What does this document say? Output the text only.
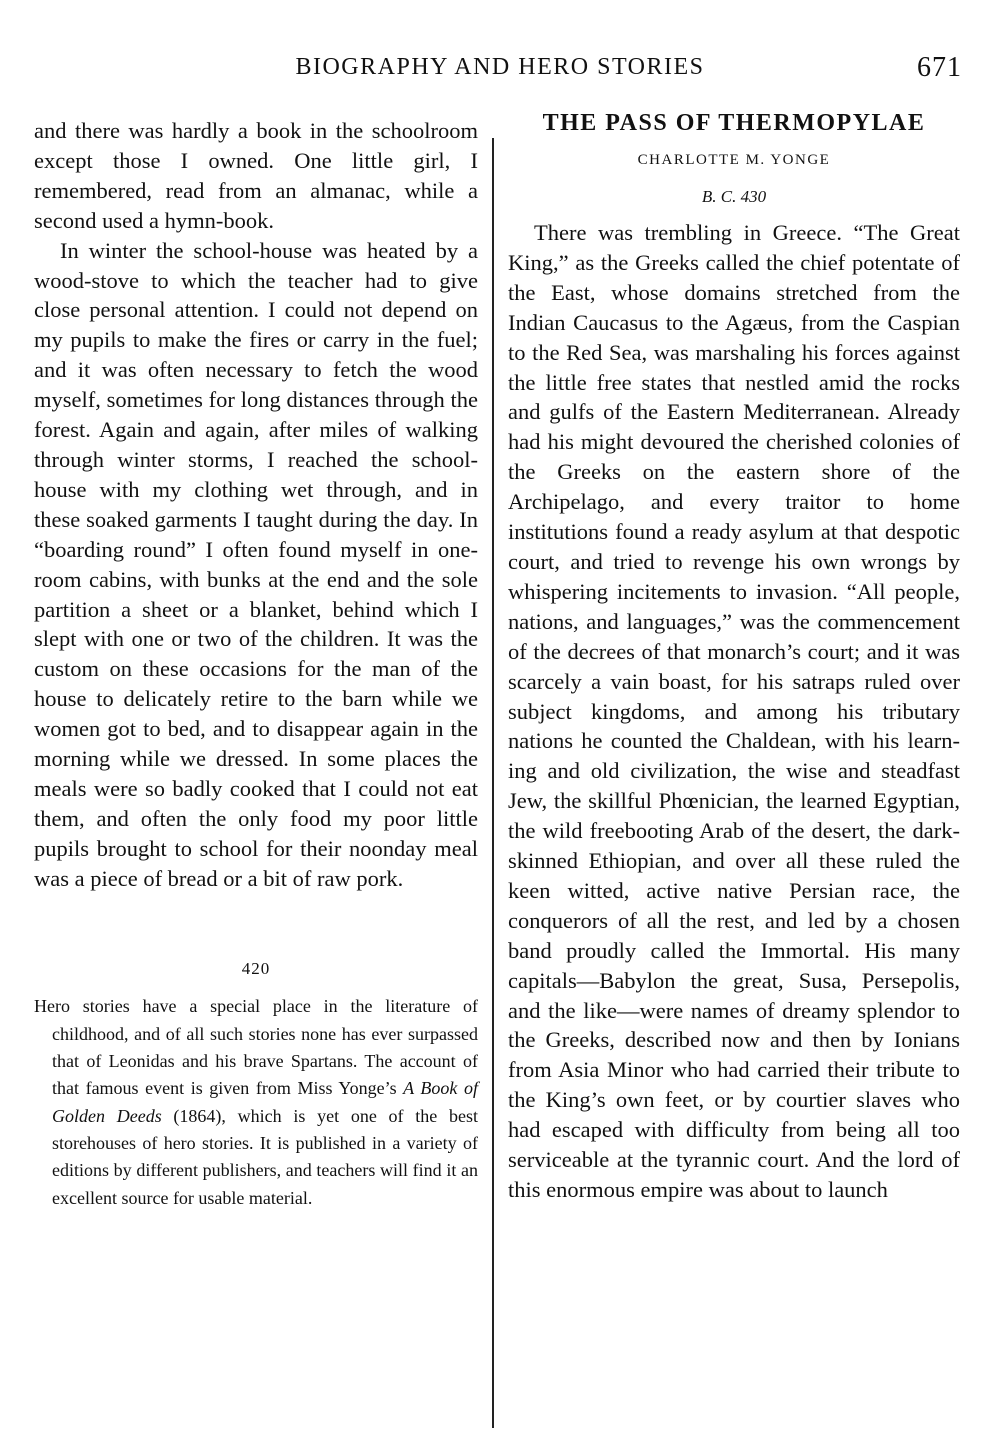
BIOGRAPHY AND HERO STORIES	671

and there was hardly a book in the schoolroom except those I owned. One little girl, I remembered, read from an almanac, while a second used a hymn-book.

In winter the school-house was heated by a wood-stove to which the teacher had to give close personal attention. I could not depend on my pupils to make the fires or carry in the fuel; and it was often necessary to fetch the wood myself, sometimes for long distances through the forest. Again and again, after miles of walking through winter storms, I reached the school-house with my clothing wet through, and in these soaked garments I taught during the day. In “boarding round” I often found myself in one-room cabins, with bunks at the end and the sole partition a sheet or a blanket, behind which I slept with one or two of the children. It was the custom on these occasions for the man of the house to delicately retire to the barn while we women got to bed, and to disappear again in the morning while we dressed. In some places the meals were so badly cooked that I could not eat them, and often the only food my poor little pupils brought to school for their noonday meal was a piece of bread or a bit of raw pork.

420

Hero stories have a special place in the literature of childhood, and of all such stories none has ever surpassed that of Leonidas and his brave Spartans. The account of that famous event is given from Miss Yonge’s A Book of Golden Deeds (1864), which is yet one of the best storehouses of hero stories. It is published in a variety of editions by different publishers, and teachers will find it an excellent source for usable material.

THE PASS OF THERMOPYLAE
CHARLOTTE M. YONGE
B. C. 430

There was trembling in Greece. “The Great King,” as the Greeks called the chief potentate of the East, whose domains stretched from the Indian Caucasus to the Agæus, from the Caspian to the Red Sea, was marshaling his forces against the little free states that nestled amid the rocks and gulfs of the Eastern Mediterranean. Already had his might devoured the cherished colonies of the Greeks on the eastern shore of the Archipelago, and every traitor to home institutions found a ready asylum at that despotic court, and tried to revenge his own wrongs by whispering incitements to invasion. “All people, nations, and languages,” was the commencement of the decrees of that monarch’s court; and it was scarcely a vain boast, for his satraps ruled over subject kingdoms, and among his tributary nations he counted the Chaldean, with his learning and old civilization, the wise and steadfast Jew, the skillful Phœnician, the learned Egyptian, the wild freebooting Arab of the desert, the dark-skinned Ethiopian, and over all these ruled the keen witted, active native Persian race, the conquerors of all the rest, and led by a chosen band proudly called the Immortal. His many capitals—Babylon the great, Susa, Persepolis, and the like—were names of dreamy splendor to the Greeks, described now and then by Ionians from Asia Minor who had carried their tribute to the King’s own feet, or by courtier slaves who had escaped with difficulty from being all too serviceable at the tyrannic court. And the lord of this enormous empire was about to launch
